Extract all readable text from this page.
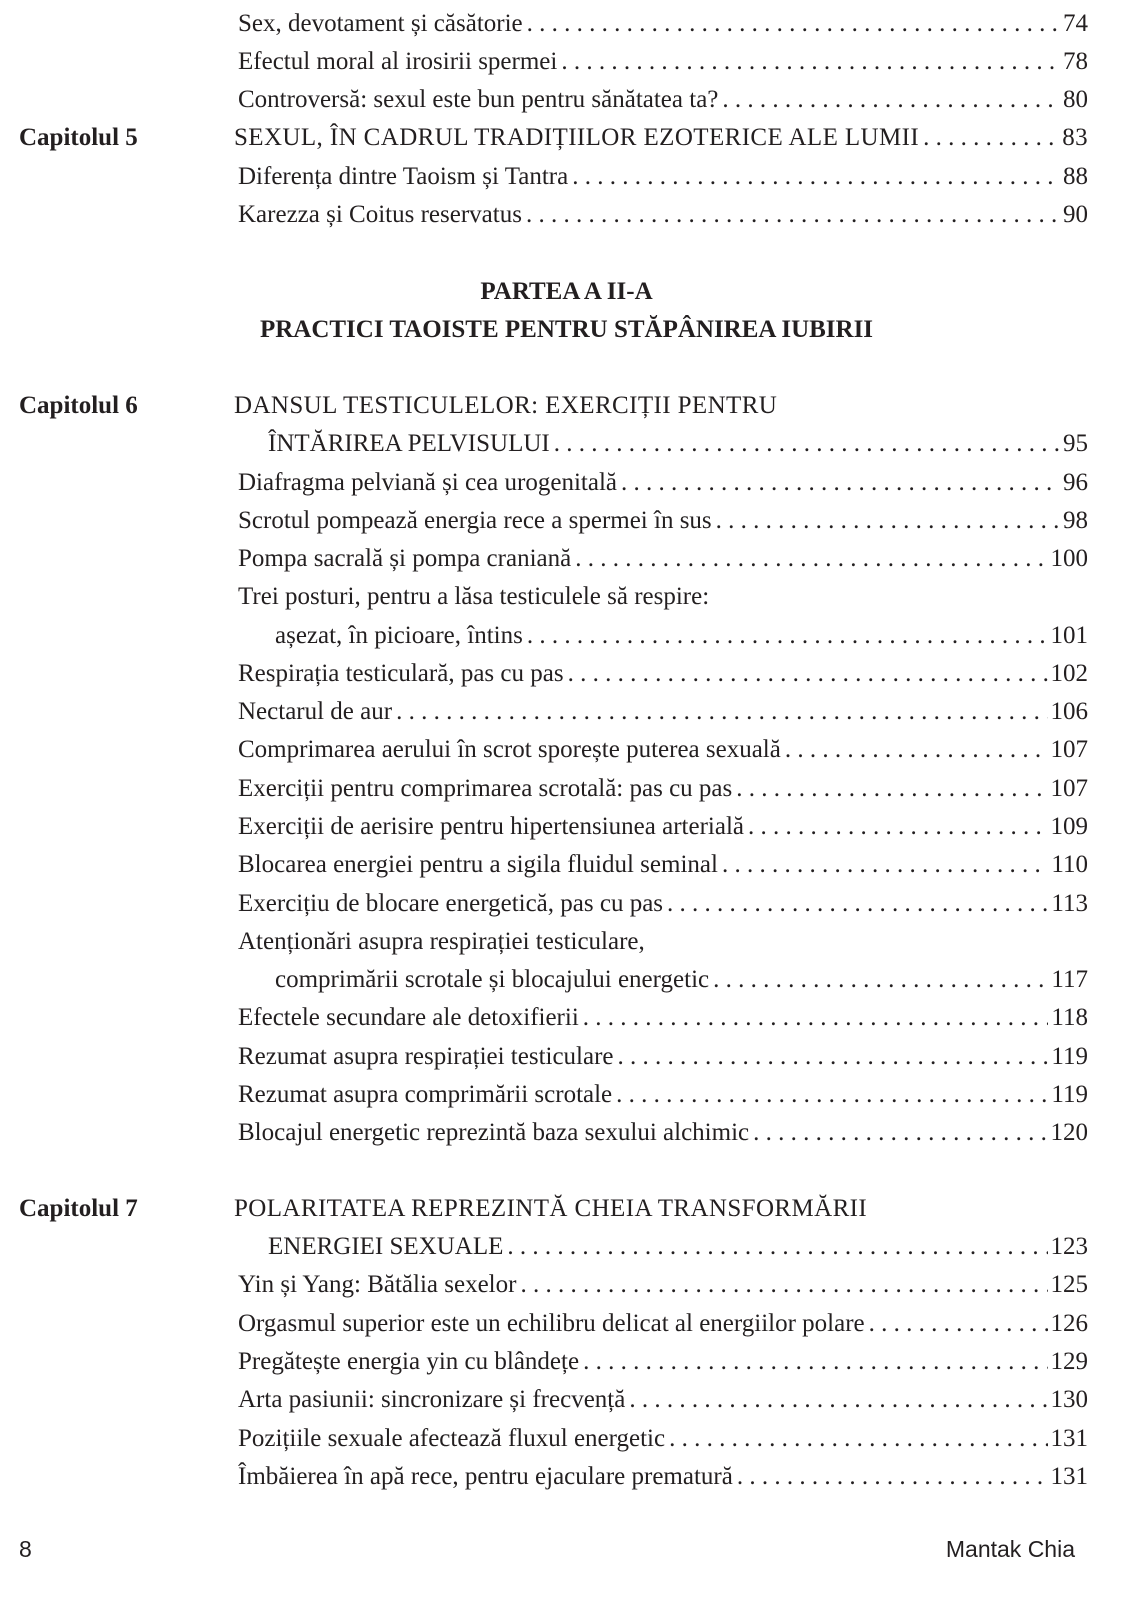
Sex, devotament și căsătorie . . .	74
Efectul moral al irosirii spermei . . .	78
Controversă: sexul este bun pentru sănătatea ta? . . .	80
Capitolul 5	SEXUL, ÎN CADRUL TRADIȚIILOR EZOTERICE ALE LUMII . . .	83
Diferența dintre Taoism și Tantra . . .	88
Karezza și Coitus reservatus . . .	90
PARTEA A II-A
PRACTICI TAOISTE PENTRU STĂPÂNIREA IUBIRII
Capitolul 6	DANSUL TESTICULELOR: EXERCIȚII PENTRU
ÎNTĂRIREA PELVISULUI . . .	95
Diafragma pelviană și cea urogenitală . . .	96
Scrotul pompează energia rece a spermei în sus . . .	98
Pompa sacrală și pompa craniană . . .	100
Trei posturi, pentru a lăsa testiculele să respire:
așezat, în picioare, întins . . .	101
Respirația testiculară, pas cu pas . . .	102
Nectarul de aur . . .	106
Comprimarea aerului în scrot sporește puterea sexuală . . .	107
Exerciții pentru comprimarea scrotală: pas cu pas . . .	107
Exerciții de aerisire pentru hipertensiunea arterială . . .	109
Blocarea energiei pentru a sigila fluidul seminal . . .	110
Exercițiu de blocare energetică, pas cu pas . . .	113
Atenționări asupra respirației testiculare,
comprimării scrotale și blocajului energetic . . .	117
Efectele secundare ale detoxifierii . . .	118
Rezumat asupra respirației testiculare . . .	119
Rezumat asupra comprimării scrotale . . .	119
Blocajul energetic reprezintă baza sexului alchimic . . .	120
Capitolul 7	POLARITATEA REPREZINTĂ CHEIA TRANSFORMĂRII
ENERGIEI SEXUALE . . .	123
Yin și Yang: Bătălia sexelor . . .	125
Orgasmul superior este un echilibru delicat al energiilor polare . . .	126
Pregătește energia yin cu blândețe . . .	129
Arta pasiunii: sincronizare și frecvență . . .	130
Pozițiile sexuale afectează fluxul energetic . . .	131
Îmbăierea în apă rece, pentru ejaculare prematură . . .	131
8	Mantak Chia
